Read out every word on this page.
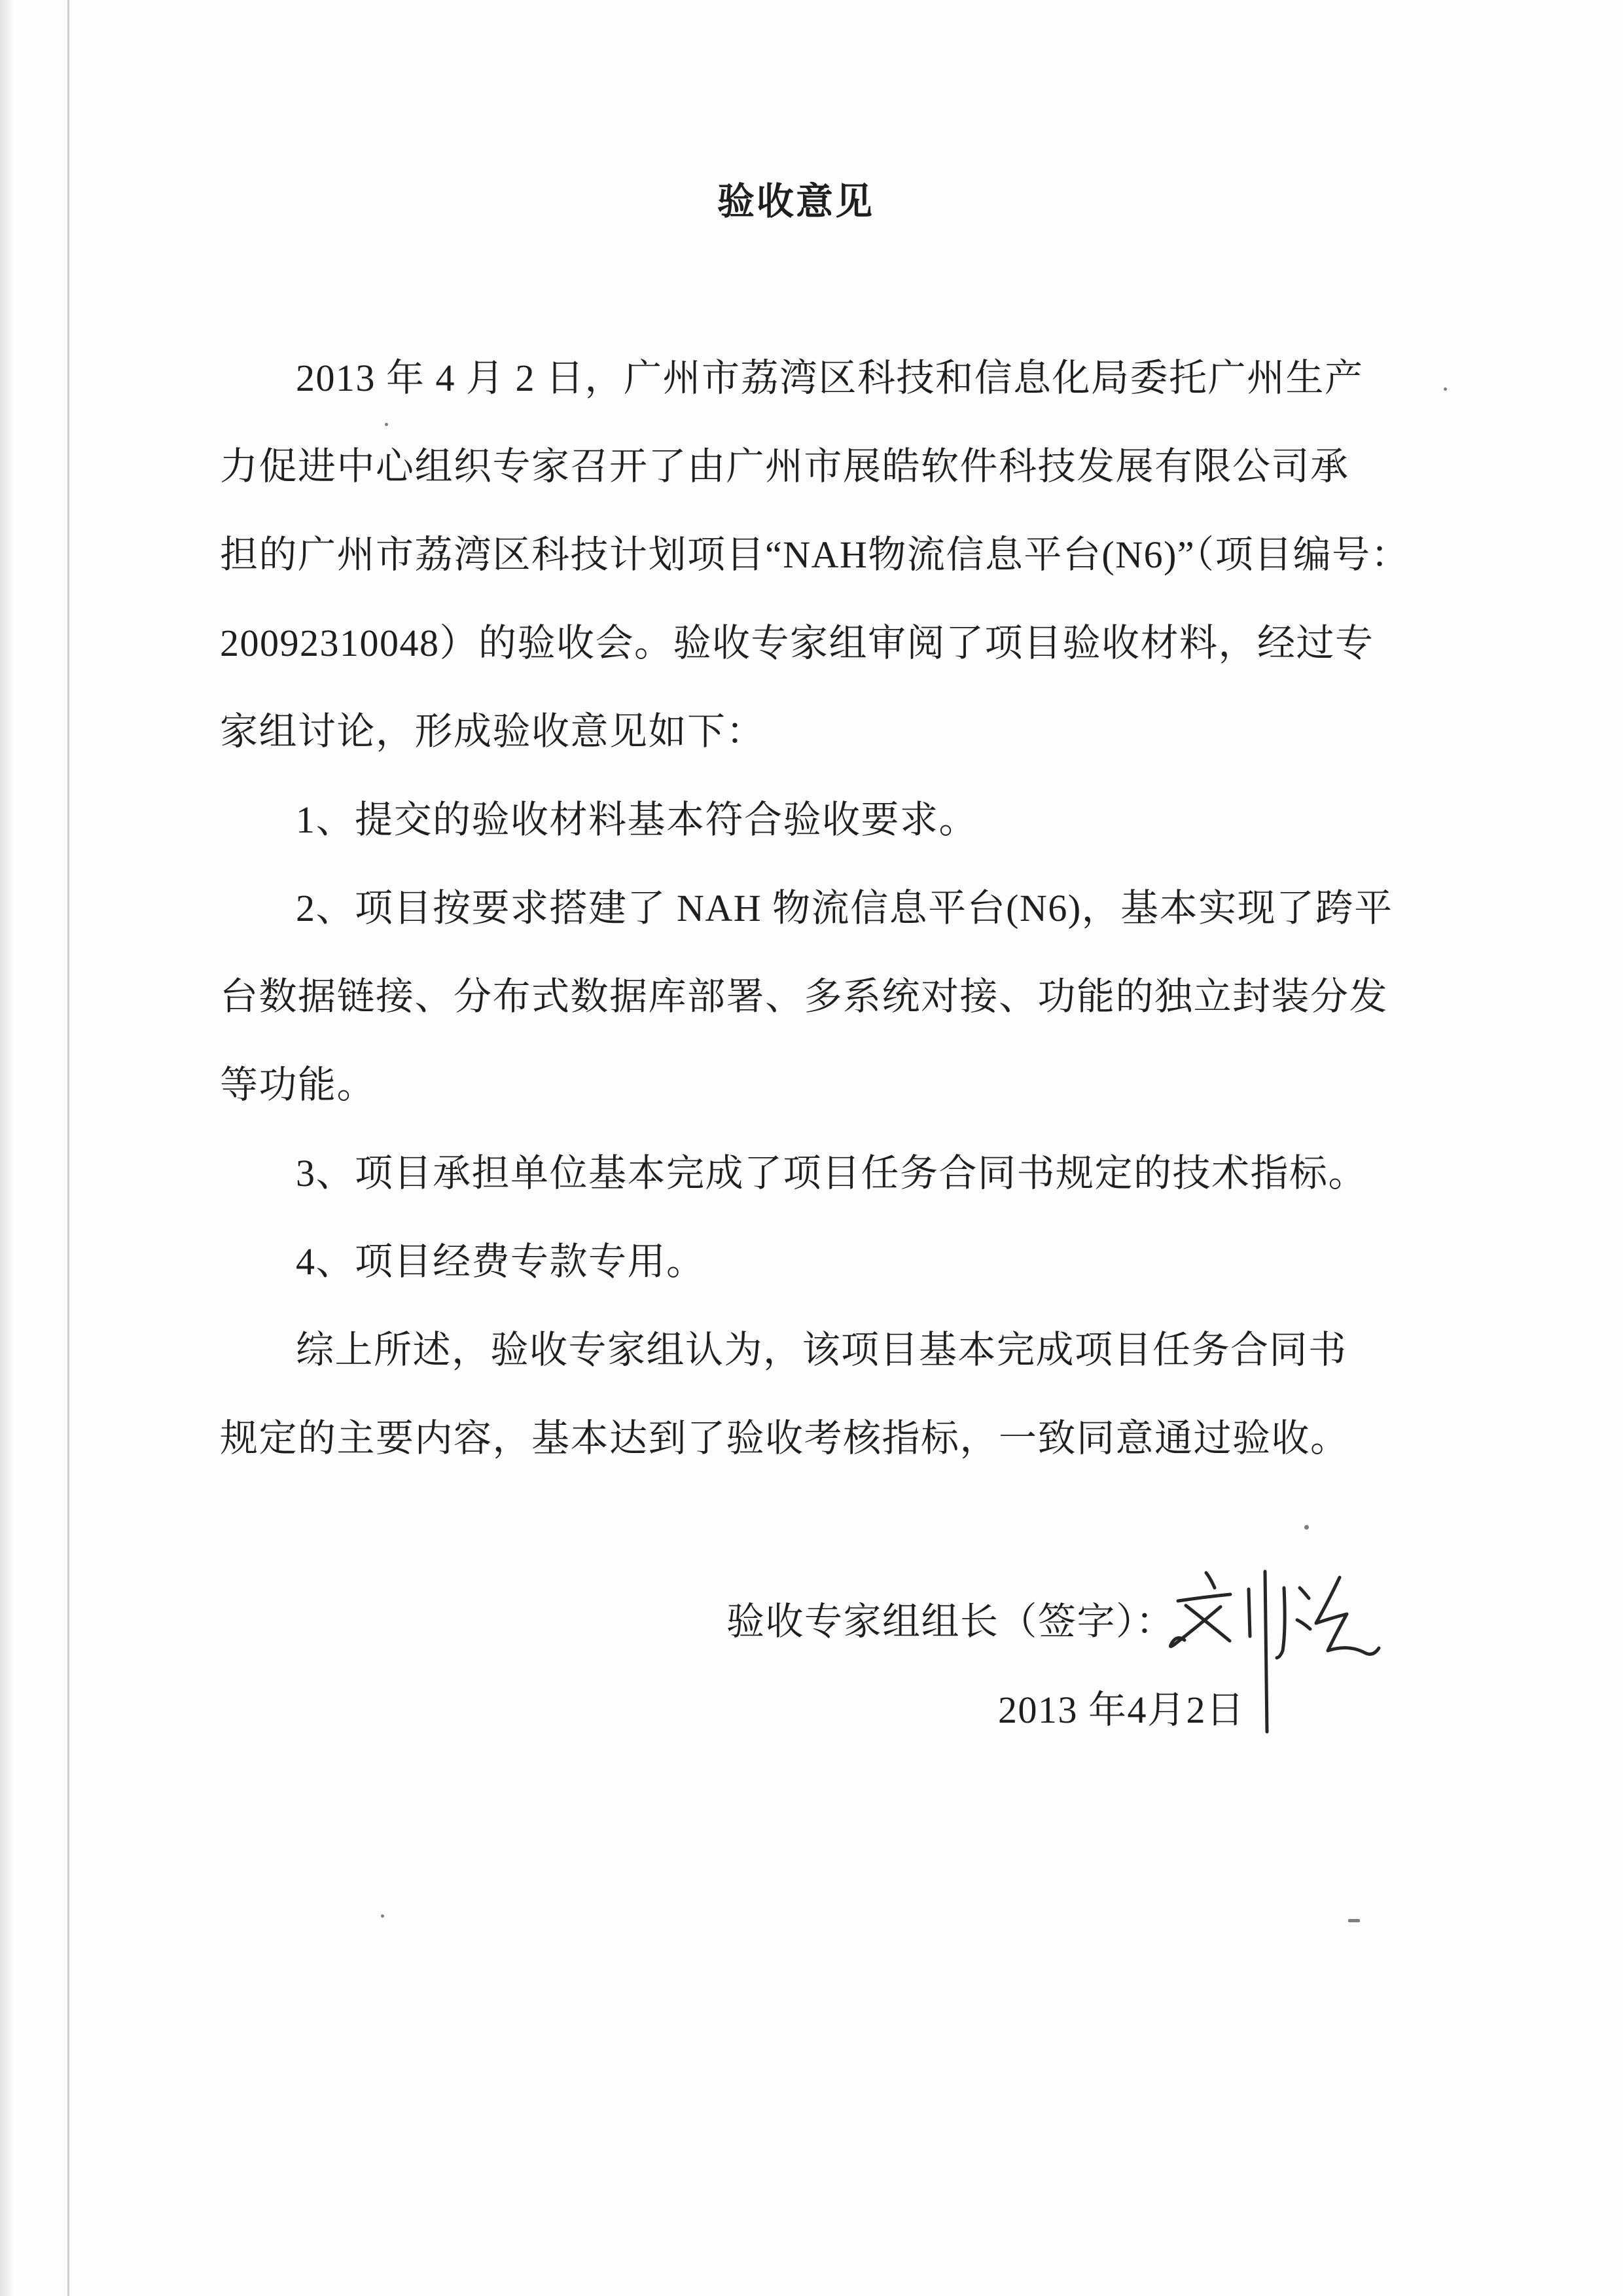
验收意见
2013 年 4 月 2 日，广州市荔湾区科技和信息化局委托广州生产
力促进中心组织专家召开了由广州市展皓软件科技发展有限公司承
担的广州市荔湾区科技计划项目“NAH物流信息平台(N6)”（项目编号：
20092310048）的验收会。验收专家组审阅了项目验收材料，经过专
家组讨论，形成验收意见如下：
1、提交的验收材料基本符合验收要求。
2、项目按要求搭建了 NAH 物流信息平台(N6)，基本实现了跨平
台数据链接、分布式数据库部署、多系统对接、功能的独立封装分发
等功能。
3、项目承担单位基本完成了项目任务合同书规定的技术指标。
4、项目经费专款专用。
综上所述，验收专家组认为，该项目基本完成项目任务合同书
规定的主要内容，基本达到了验收考核指标，一致同意通过验收。
验收专家组组长（签字）：
2013 年4月2日
